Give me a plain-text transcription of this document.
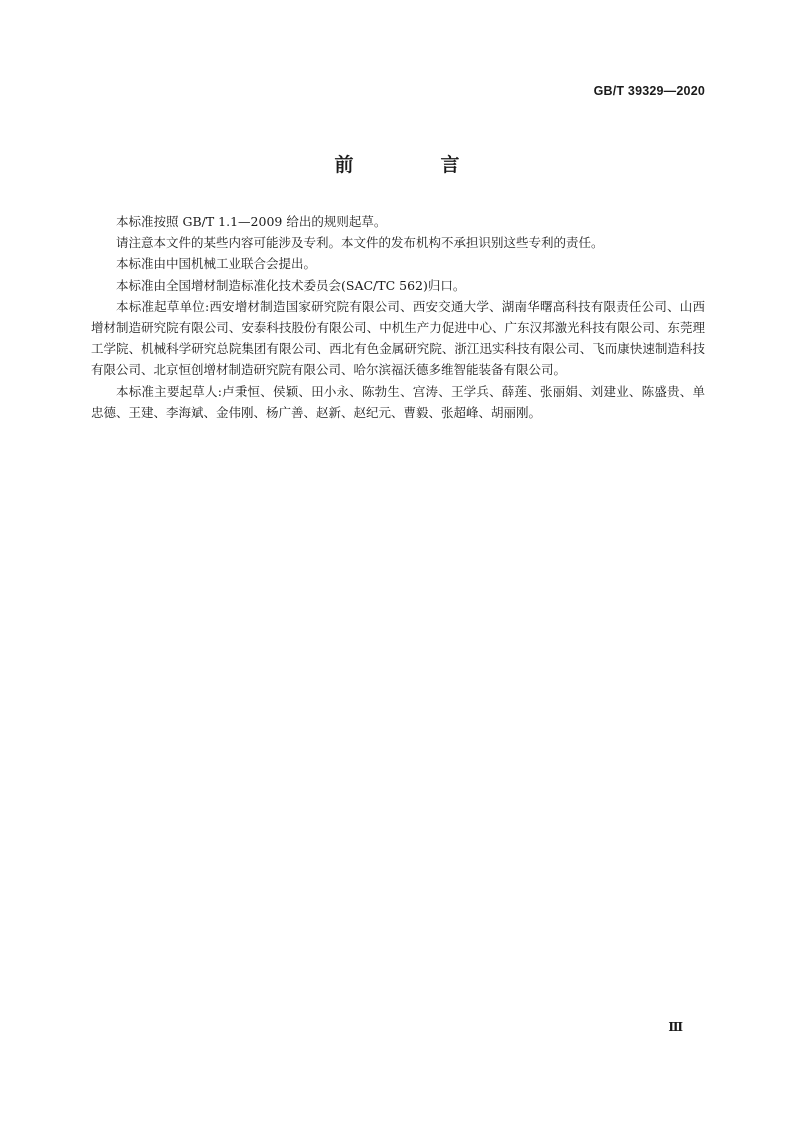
GB/T 39329—2020
前　言

本标准按照 GB/T 1.1—2009 给出的规则起草。

请注意本文件的某些内容可能涉及专利。本文件的发布机构不承担识别这些专利的责任。

本标准由中国机械工业联合会提出。

本标准由全国增材制造标准化技术委员会(SAC/TC 562)归口。

本标准起草单位:西安增材制造国家研究院有限公司、西安交通大学、湖南华曙高科技有限责任公司、山西增材制造研究院有限公司、安泰科技股份有限公司、中机生产力促进中心、广东汉邦激光科技有限公司、东莞理工学院、机械科学研究总院集团有限公司、西北有色金属研究院、浙江迅实科技有限公司、飞而康快速制造科技有限公司、北京恒创增材制造研究院有限公司、哈尔滨福沃德多维智能装备有限公司。

本标准主要起草人:卢秉恒、侯颖、田小永、陈勃生、宫涛、王学兵、薛莲、张丽娟、刘建业、陈盛贵、单忠德、王建、李海斌、金伟刚、杨广善、赵新、赵纪元、曹毅、张超峰、胡丽刚。

Ⅲ
